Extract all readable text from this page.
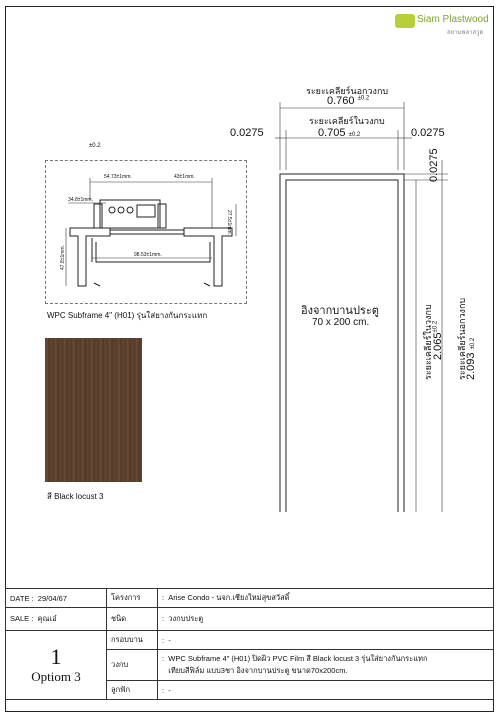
Siam Plastwood
สยามพลาสวูด
±0.2
54.73±1mm.	43±1mm.
34.8±1mm.
27.5±1mm.
47.8±1mm.	98.53±1mm.
WPC Subframe 4" (H01) รุ่นใส่ยางกันกระแทก
สี Black locust 3
ระยะเคลียร์นอกวงกบ
0.760 $^{\pm 0.2}$
ระยะเคลียร์ในวงกบ
0.705 ±0.2
0.0275	0.0275
0.0275
อิงจากบานประตู
70 x 200 cm.	ระยะเคลียร์ในวงกบ $2.065^{\pm 0.2}$	ระยะเคลียร์นอกวงกบ
2.093 ±0.2
DATE :  29/04/67	โครงการ	:  Arise Condo - นจก.เชียงใหม่สุขสวัสดิ์
SALE :  คุณเอ๋	ชนิด	:  วงกบประตู

1
Optiom 3	กรอบบาน	:  -
	วงกบ	:  WPC Subframe 4" (H01) ปิดผิว PVC Film สี Black locust 3 รุ่นใส่ยางกันกระแทก
เทียบสีฟิล์ม แบบ3ชา อิงจากบานประตู ขนาด70x200cm.
	ลูกฟัก	:  -
